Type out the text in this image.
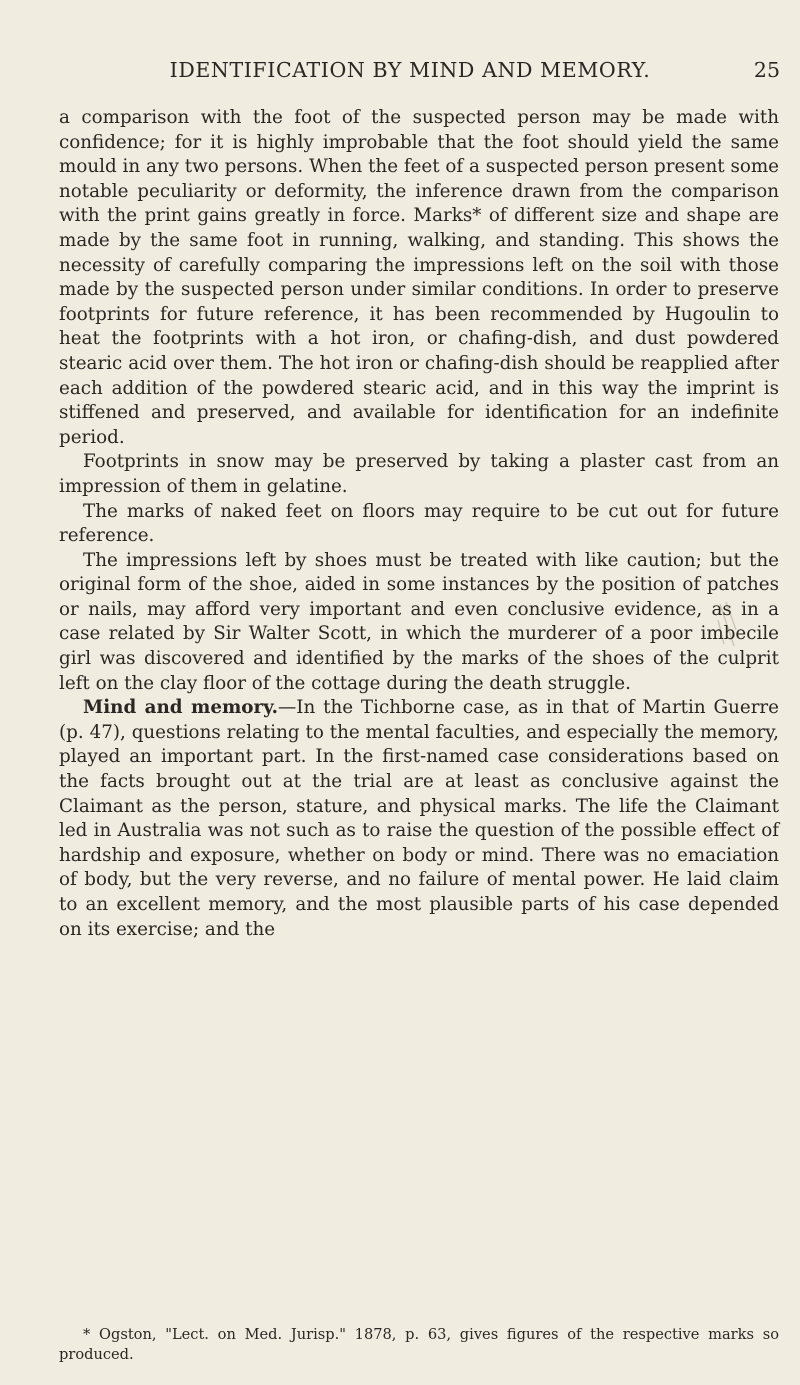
IDENTIFICATION BY MIND AND MEMORY.	25

a comparison with the foot of the suspected person may be made with confidence; for it is highly improbable that the foot should yield the same mould in any two persons. When the feet of a suspected person present some notable peculiarity or deformity, the inference drawn from the comparison with the print gains greatly in force. Marks* of different size and shape are made by the same foot in running, walking, and standing. This shows the necessity of carefully comparing the impressions left on the soil with those made by the suspected person under similar conditions. In order to preserve footprints for future reference, it has been recommended by Hugoulin to heat the footprints with a hot iron, or chafing-dish, and dust powdered stearic acid over them. The hot iron or chafing-dish should be reapplied after each addition of the powdered stearic acid, and in this way the imprint is stiffened and preserved, and available for identification for an indefinite period.

Footprints in snow may be preserved by taking a plaster cast from an impression of them in gelatine.

The marks of naked feet on floors may require to be cut out for future reference.

The impressions left by shoes must be treated with like caution; but the original form of the shoe, aided in some instances by the position of patches or nails, may afford very important and even conclusive evidence, as in a case related by Sir Walter Scott, in which the murderer of a poor imbecile girl was discovered and identified by the marks of the shoes of the culprit left on the clay floor of the cottage during the death struggle.

Mind and memory.—In the Tichborne case, as in that of Martin Guerre (p. 47), questions relating to the mental faculties, and especially the memory, played an important part. In the first-named case considerations based on the facts brought out at the trial are at least as conclusive against the Claimant as the person, stature, and physical marks. The life the Claimant led in Australia was not such as to raise the question of the possible effect of hardship and exposure, whether on body or mind. There was no emaciation of body, but the very reverse, and no failure of mental power. He laid claim to an excellent memory, and the most plausible parts of his case depended on its exercise; and the

* Ogston, "Lect. on Med. Jurisp." 1878, p. 63, gives figures of the respective marks so produced.
